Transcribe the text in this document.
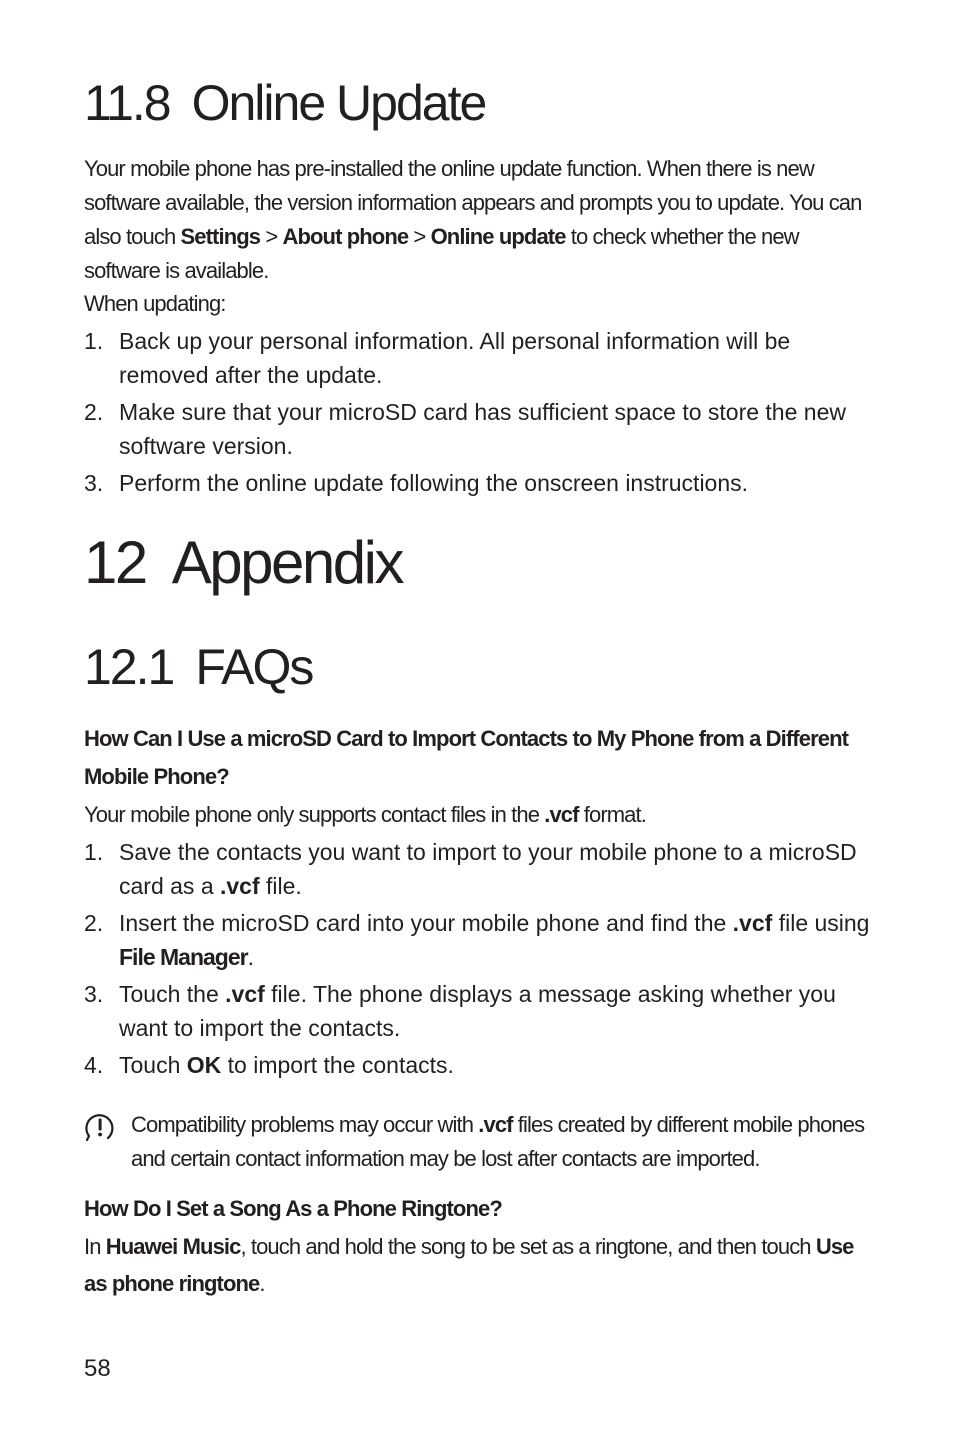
11.8 Online Update

Your mobile phone has pre-installed the online update function. When there is new software available, the version information appears and prompts you to update. You can also touch Settings > About phone > Online update to check whether the new software is available.

When updating:

1. Back up your personal information. All personal information will be removed after the update.
2. Make sure that your microSD card has sufficient space to store the new software version.
3. Perform the online update following the onscreen instructions.
12 Appendix
12.1 FAQs

How Can I Use a microSD Card to Import Contacts to My Phone from a Different Mobile Phone?

Your mobile phone only supports contact files in the .vcf format.

1. Save the contacts you want to import to your mobile phone to a microSD card as a .vcf file.
2. Insert the microSD card into your mobile phone and find the .vcf file using File Manager.
3. Touch the .vcf file. The phone displays a message asking whether you want to import the contacts.
4. Touch OK to import the contacts.

Compatibility problems may occur with .vcf files created by different mobile phones and certain contact information may be lost after contacts are imported.

How Do I Set a Song As a Phone Ringtone?

In Huawei Music, touch and hold the song to be set as a ringtone, and then touch Use as phone ringtone.

58
